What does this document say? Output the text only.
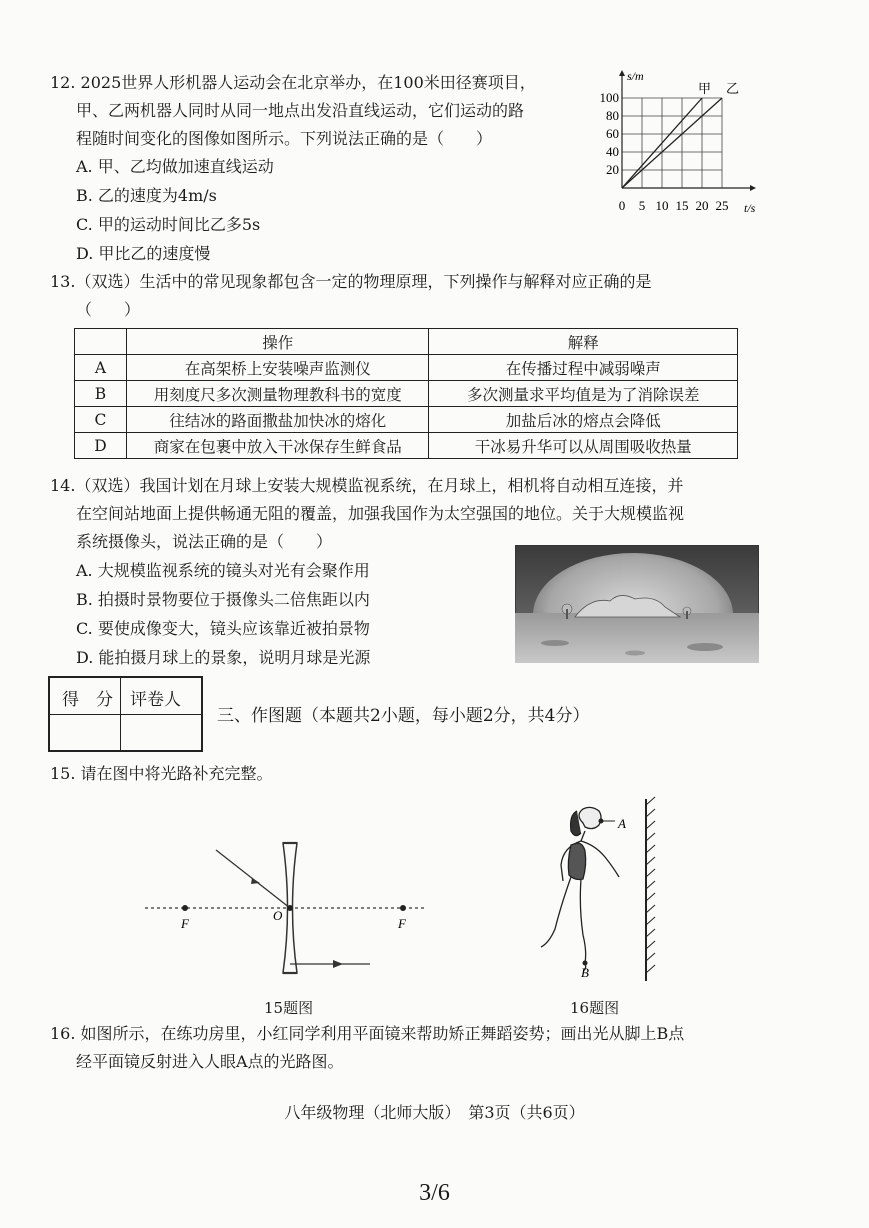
12. 2025世界人形机器人运动会在北京举办，在100米田径赛项目，
甲、乙两机器人同时从同一地点出发沿直线运动，它们运动的路
程随时间变化的图像如图所示。下列说法正确的是（　　）
A. 甲、乙均做加速直线运动
B. 乙的速度为4m/s
C. 甲的运动时间比乙多5s
D. 甲比乙的速度慢
甲 乙
20
40
60
80
100
0 5 10 15 20 25
s/m
t/s
13.（双选）生活中的常见现象都包含一定的物理原理，下列操作与解释对应正确的是
（　　）
	操作	解释
A	在高架桥上安装噪声监测仪	在传播过程中减弱噪声
B	用刻度尺多次测量物理教科书的宽度	多次测量求平均值是为了消除误差
C	往结冰的路面撒盐加快冰的熔化	加盐后冰的熔点会降低
D	商家在包裹中放入干冰保存生鲜食品	干冰易升华可以从周围吸收热量
14.（双选）我国计划在月球上安装大规模监视系统，在月球上，相机将自动相互连接，并
在空间站地面上提供畅通无阻的覆盖，加强我国作为太空强国的地位。关于大规模监视
系统摄像头，说法正确的是（　　）
A. 大规模监视系统的镜头对光有会聚作用
B. 拍摄时景物要位于摄像头二倍焦距以内
C. 要使成像变大，镜头应该靠近被拍景物
D. 能拍摄月球上的景象，说明月球是光源
得　分 评卷人
三、作图题（本题共2小题，每小题2分，共4分）
15. 请在图中将光路补充完整。
F	F
O
15题图
A
B
16题图
16. 如图所示，在练功房里，小红同学利用平面镜来帮助矫正舞蹈姿势；画出光从脚上B点
经平面镜反射进入人眼A点的光路图。
八年级物理（北师大版）　第3页（共6页）
3/6
